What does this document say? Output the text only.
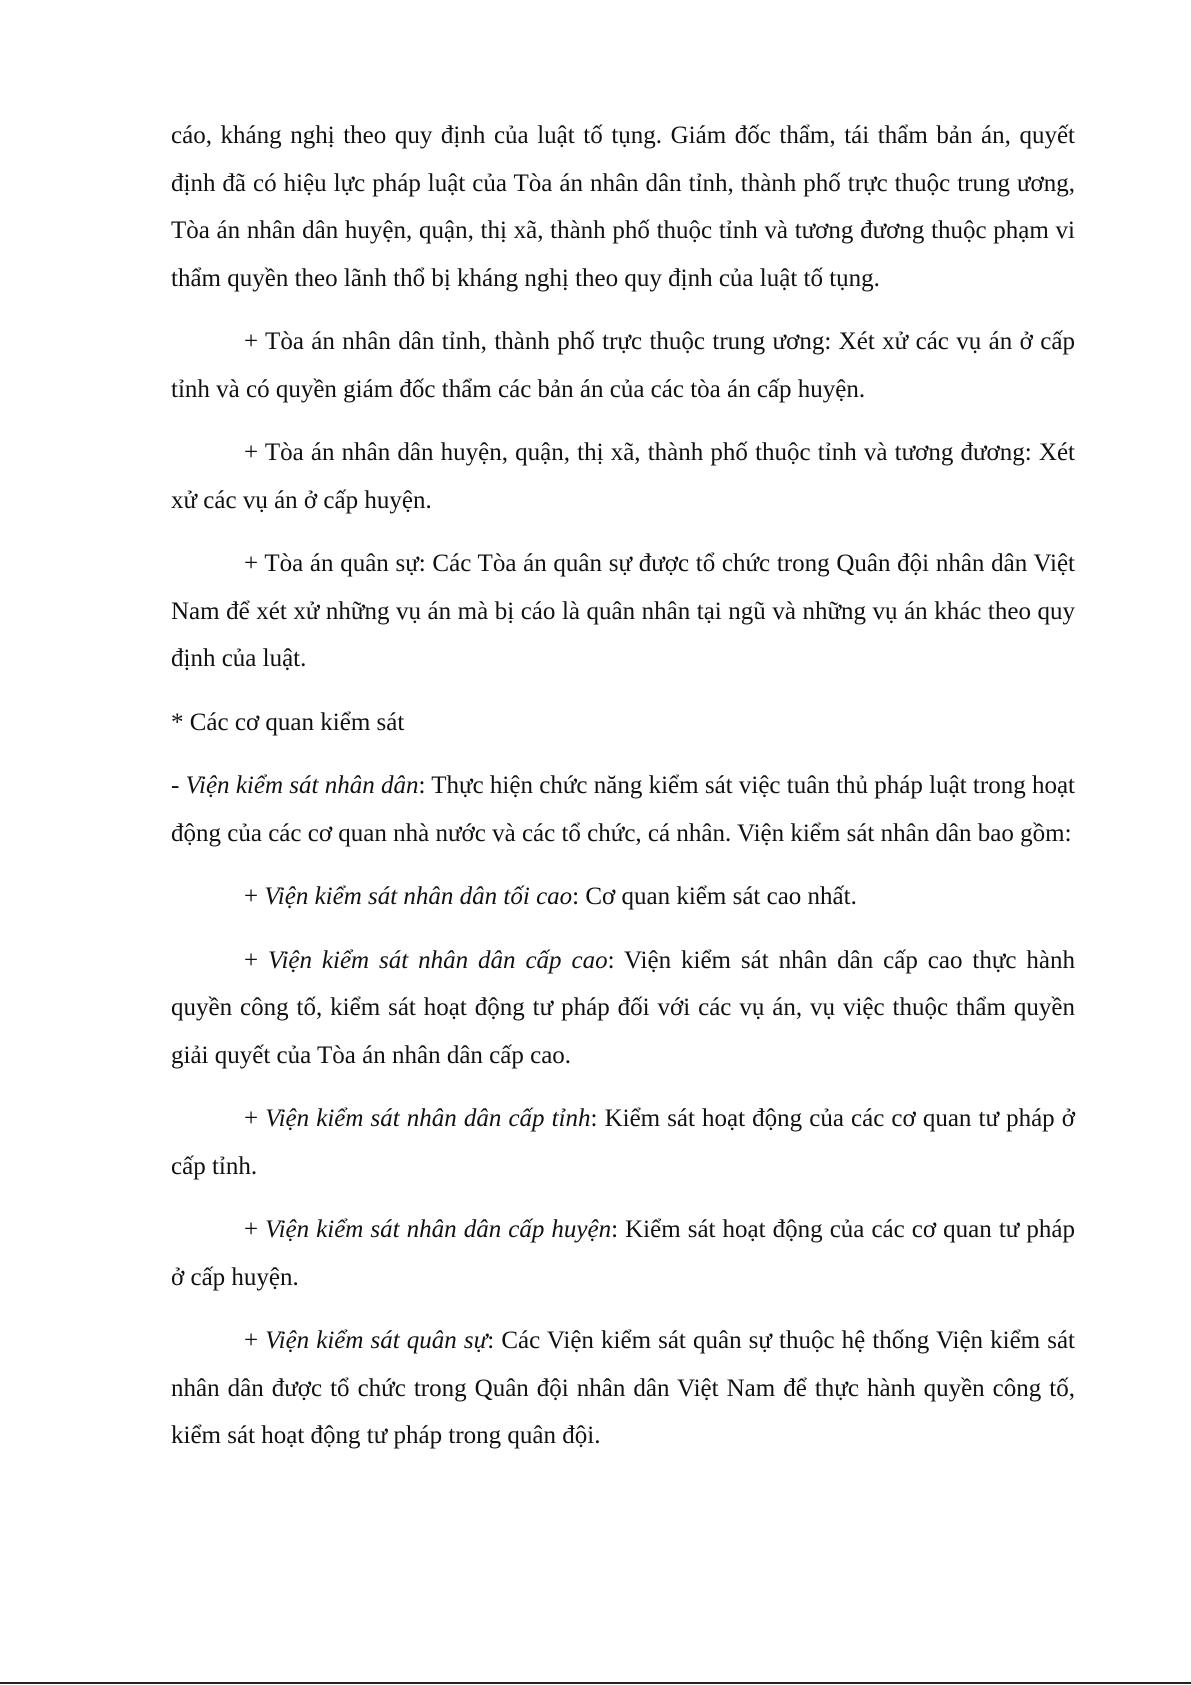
cáo, kháng nghị theo quy định của luật tố tụng. Giám đốc thẩm, tái thẩm bản án, quyết định đã có hiệu lực pháp luật của Tòa án nhân dân tỉnh, thành phố trực thuộc trung ương, Tòa án nhân dân huyện, quận, thị xã, thành phố thuộc tỉnh và tương đương thuộc phạm vi thẩm quyền theo lãnh thổ bị kháng nghị theo quy định của luật tố tụng.

+ Tòa án nhân dân tỉnh, thành phố trực thuộc trung ương: Xét xử các vụ án ở cấp tỉnh và có quyền giám đốc thẩm các bản án của các tòa án cấp huyện.

+ Tòa án nhân dân huyện, quận, thị xã, thành phố thuộc tỉnh và tương đương: Xét xử các vụ án ở cấp huyện.

+ Tòa án quân sự: Các Tòa án quân sự được tổ chức trong Quân đội nhân dân Việt Nam để xét xử những vụ án mà bị cáo là quân nhân tại ngũ và những vụ án khác theo quy định của luật.

* Các cơ quan kiểm sát

- Viện kiểm sát nhân dân: Thực hiện chức năng kiểm sát việc tuân thủ pháp luật trong hoạt động của các cơ quan nhà nước và các tổ chức, cá nhân. Viện kiểm sát nhân dân bao gồm:

+ Viện kiểm sát nhân dân tối cao: Cơ quan kiểm sát cao nhất.

+ Viện kiểm sát nhân dân cấp cao: Viện kiểm sát nhân dân cấp cao thực hành quyền công tố, kiểm sát hoạt động tư pháp đối với các vụ án, vụ việc thuộc thẩm quyền giải quyết của Tòa án nhân dân cấp cao.

+ Viện kiểm sát nhân dân cấp tỉnh: Kiểm sát hoạt động của các cơ quan tư pháp ở cấp tỉnh.

+ Viện kiểm sát nhân dân cấp huyện: Kiểm sát hoạt động của các cơ quan tư pháp ở cấp huyện.

+ Viện kiểm sát quân sự: Các Viện kiểm sát quân sự thuộc hệ thống Viện kiểm sát nhân dân được tổ chức trong Quân đội nhân dân Việt Nam để thực hành quyền công tố, kiểm sát hoạt động tư pháp trong quân đội.
